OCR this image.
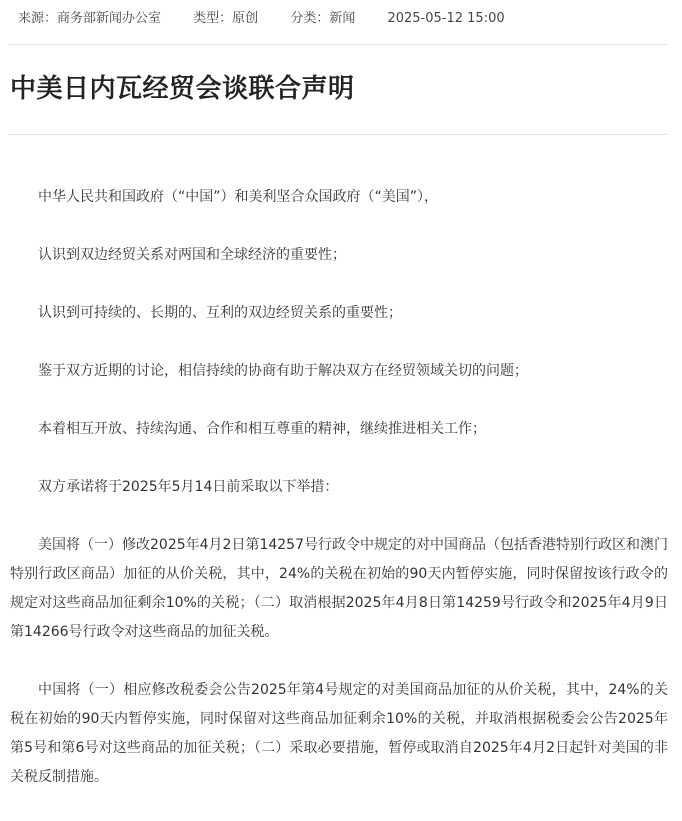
来源：商务部新闻办公室 类型：原创 分类：新闻 2025-05-12 15:00
中美日内瓦经贸会谈联合声明

中华人民共和国政府（“中国”）和美利坚合众国政府（“美国”），

认识到双边经贸关系对两国和全球经济的重要性；

认识到可持续的、长期的、互利的双边经贸关系的重要性；

鉴于双方近期的讨论，相信持续的协商有助于解决双方在经贸领域关切的问题；

本着相互开放、持续沟通、合作和相互尊重的精神，继续推进相关工作；

双方承诺将于2025年5月14日前采取以下举措：

美国将（一）修改2025年4月2日第14257号行政令中规定的对中国商品（包括香港特别行政区和澳门特别行政区商品）加征的从价关税，其中，24%的关税在初始的90天内暂停实施，同时保留按该行政令的规定对这些商品加征剩余10%的关税；（二）取消根据2025年4月8日第14259号行政令和2025年4月9日第14266号行政令对这些商品的加征关税。

中国将（一）相应修改税委会公告2025年第4号规定的对美国商品加征的从价关税，其中，24%的关税在初始的90天内暂停实施，同时保留对这些商品加征剩余10%的关税，并取消根据税委会公告2025年第5号和第6号对这些商品的加征关税；（二）采取必要措施，暂停或取消自2025年4月2日起针对美国的非关税反制措施。
